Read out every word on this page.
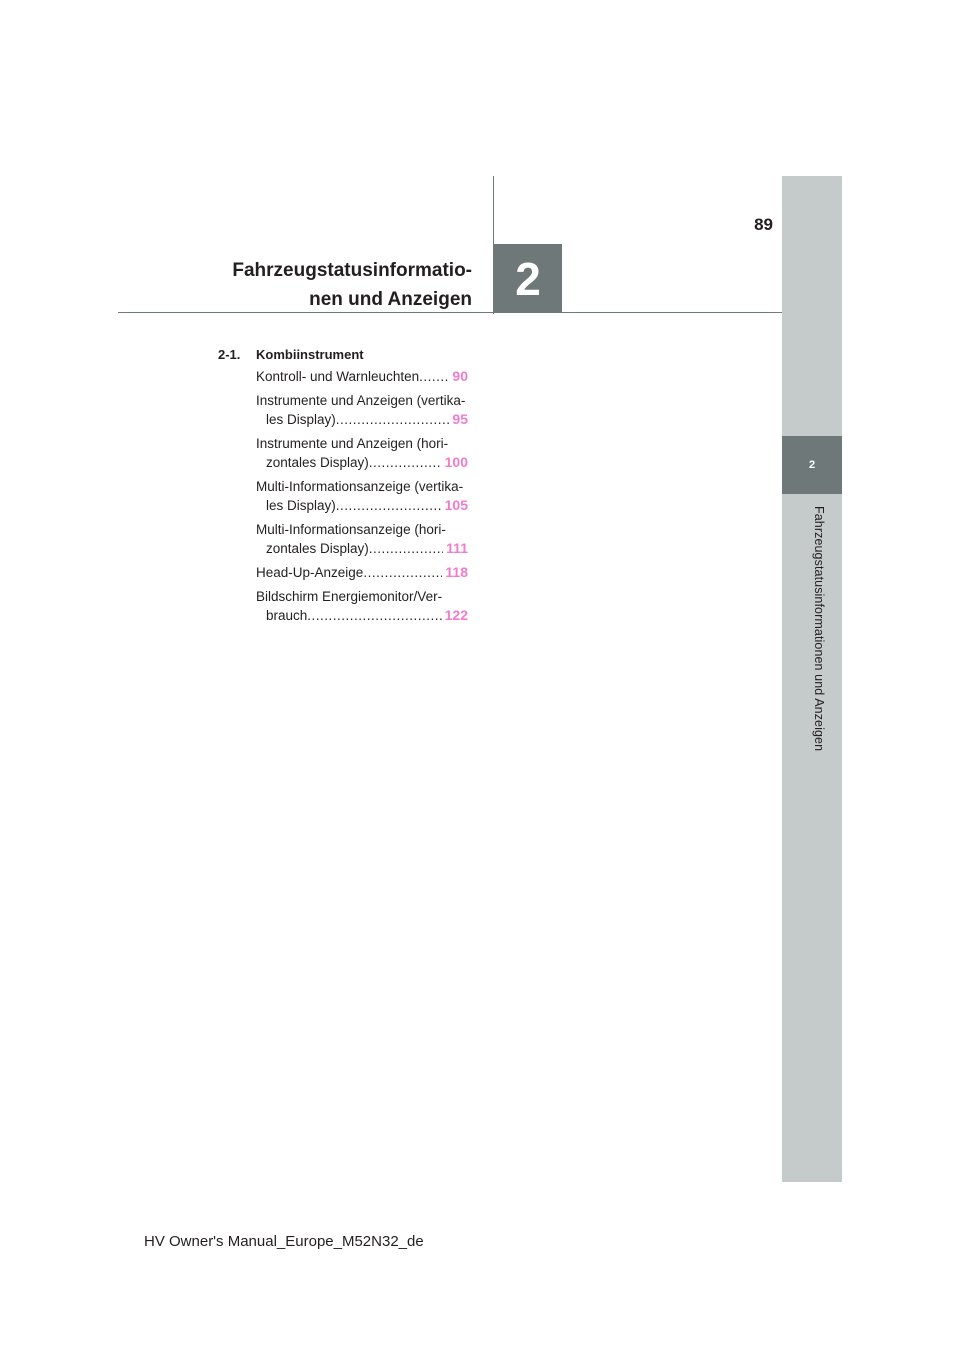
Fahrzeugstatusinformatio-
nen und Anzeigen 2
89
2
Fahrzeugstatusinformationen und Anzeigen
2-1. Kombiinstrument
Kontroll- und Warnleuchten ..... 90
Instrumente und Anzeigen (vertika-
les Display) .....	95
Instrumente und Anzeigen (hori-
zontales Display) .....	100
Multi-Informationsanzeige (vertika-
les Display) .....	105
Multi-Informationsanzeige (hori-
zontales Display) .....	111
Head-Up-Anzeige .....	118
Bildschirm Energiemonitor/Ver-
brauch .....	122
HV Owner's Manual_Europe_M52N32_de
